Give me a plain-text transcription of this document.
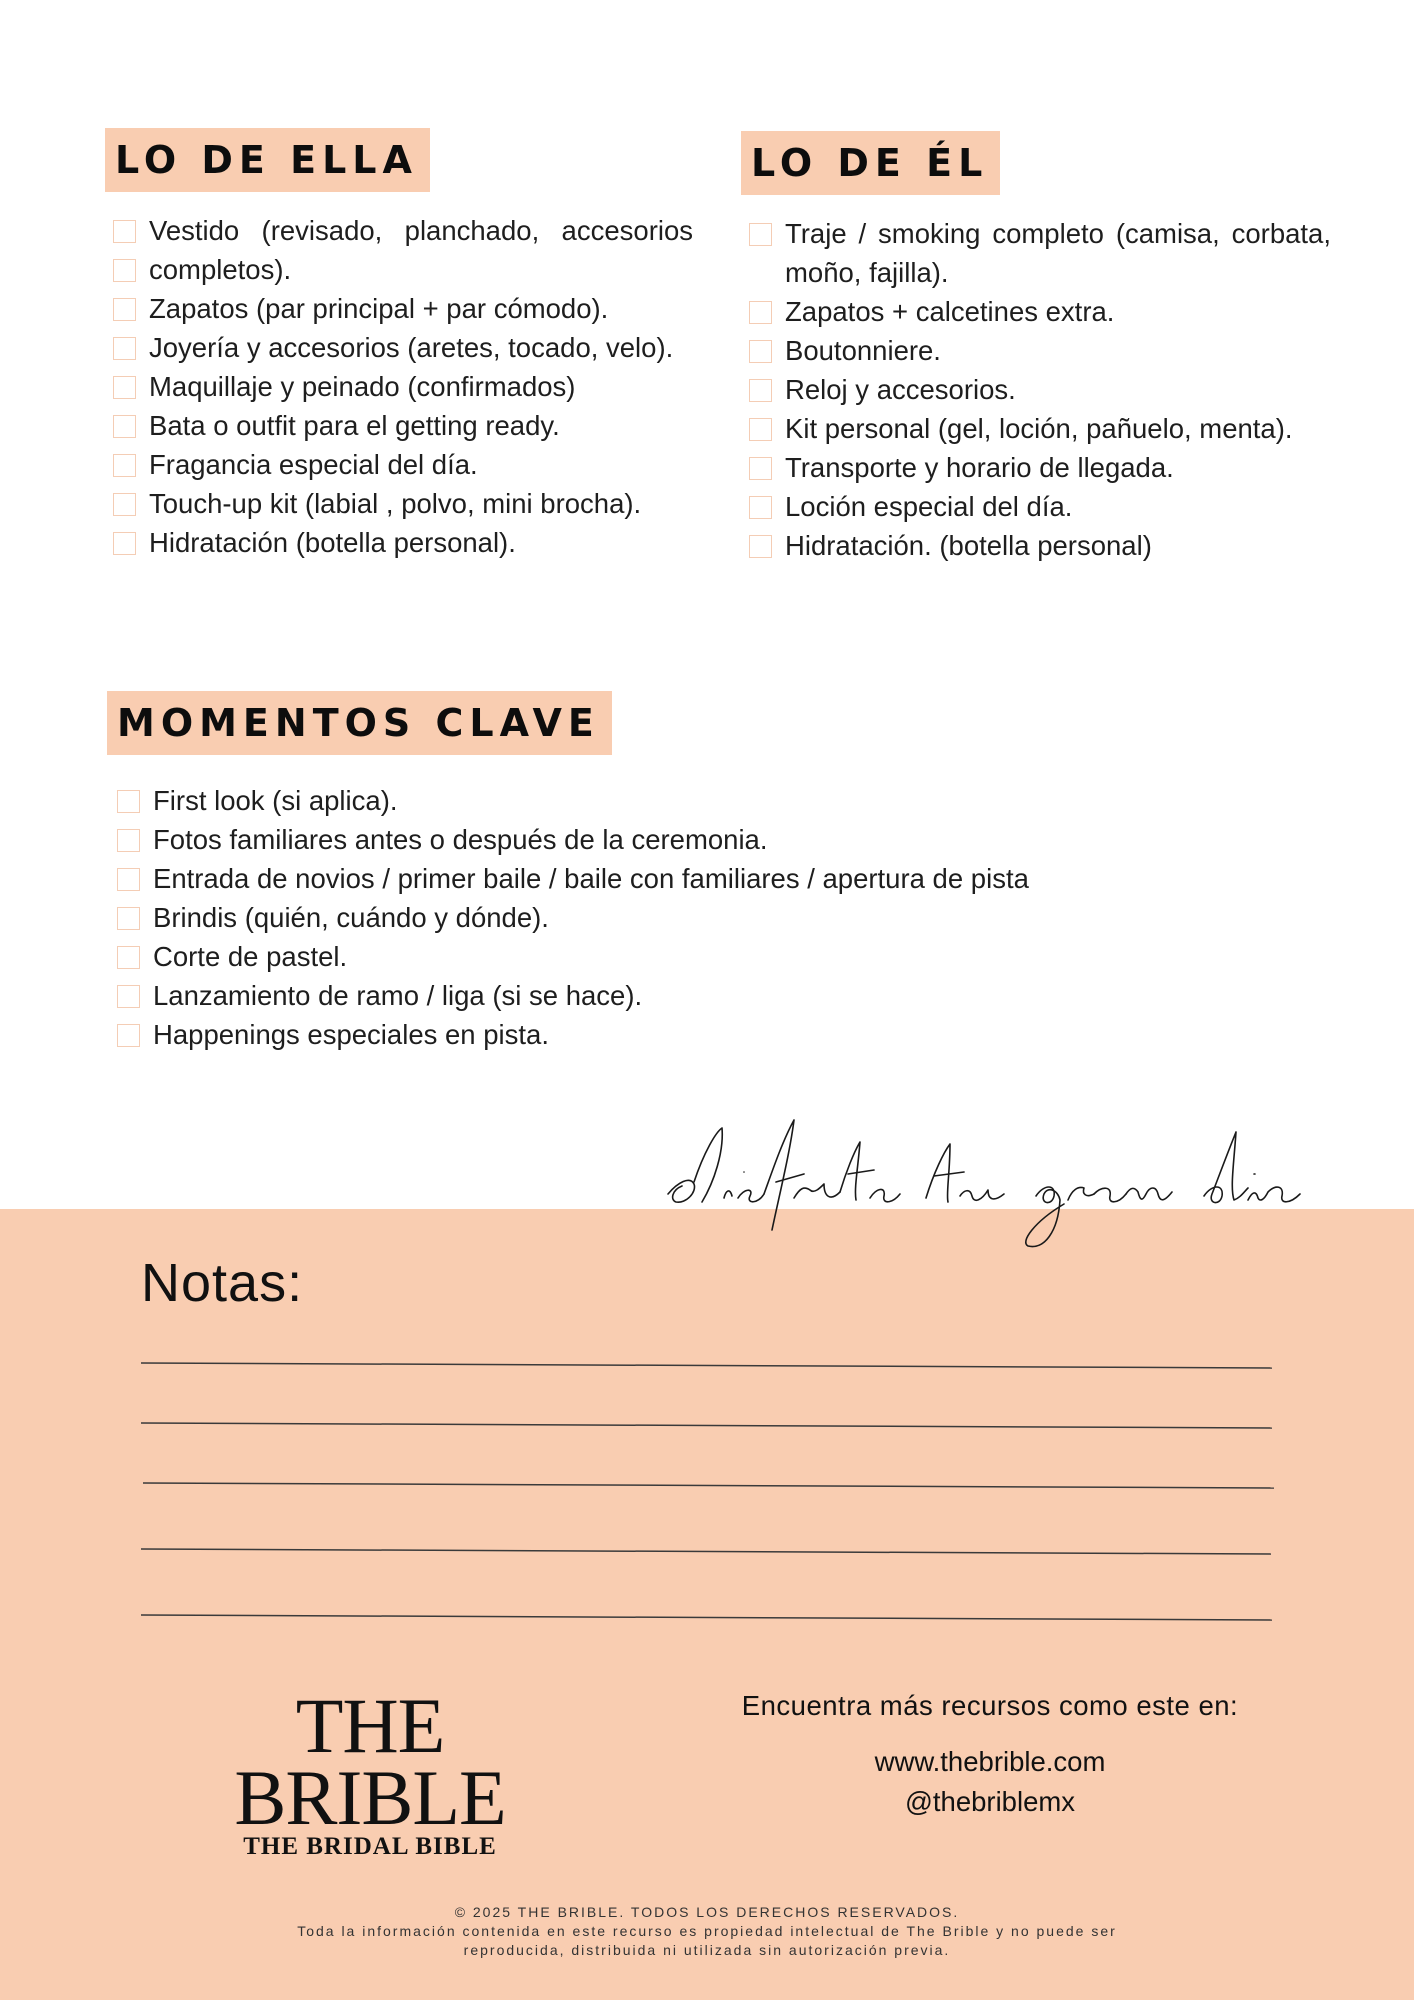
LO DE ELLA
Vestido (revisado, planchado, accesorios completos).
Zapatos (par principal + par cómodo).
Joyería y accesorios (aretes, tocado, velo).
Maquillaje y peinado (confirmados)
Bata o outfit para el getting ready.
Fragancia especial del día.
Touch-up kit (labial , polvo, mini brocha).
Hidratación (botella personal).
LO DE ÉL
Traje / smoking completo (camisa, corbata, moño, fajilla).
Zapatos + calcetines extra.
Boutonniere.
Reloj y accesorios.
Kit personal (gel, loción, pañuelo, menta).
Transporte y horario de llegada.
Loción especial del día.
Hidratación. (botella personal)
MOMENTOS CLAVE
First look (si aplica).
Fotos familiares antes o después de la ceremonia.
Entrada de novios / primer baile / baile con familiares / apertura de pista
Brindis (quién, cuándo y dónde).
Corte de pastel.
Lanzamiento de ramo / liga (si se hace).
Happenings especiales en pista.
Notas:
THE BRIBLE
THE BRIDAL BIBLE
Encuentra más recursos como este en:
www.thebrible.com
@thebriblemx
© 2025 THE BRIBLE. TODOS LOS DERECHOS RESERVADOS.
Toda la información contenida en este recurso es propiedad intelectual de The Brible y no puede ser
reproducida, distribuida ni utilizada sin autorización previa.
